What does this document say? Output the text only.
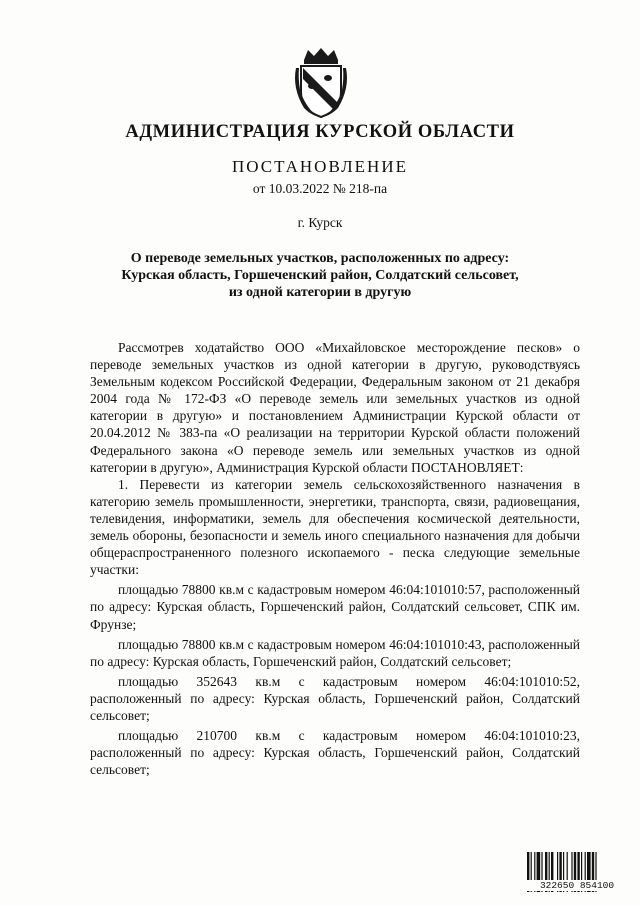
АДМИНИСТРАЦИЯ КУРСКОЙ ОБЛАСТИ
ПОСТАНОВЛЕНИЕ
от 10.03.2022 № 218-па
г. Курск
О переводе земельных участков, расположенных по адресу:
Курская область, Горшеченский район, Солдатский сельсовет,
из одной категории в другую

Рассмотрев ходатайство ООО «Михайловское месторождение песков» о переводе земельных участков из одной категории в другую, руководствуясь Земельным кодексом Российской Федерации, Федеральным законом от 21 декабря 2004 года № 172-ФЗ «О переводе земель или земельных участков из одной категории в другую» и постановлением Администрации Курской области от 20.04.2012 № 383-па «О реализации на территории Курской области положений Федерального закона «О переводе земель или земельных участков из одной категории в другую», Администрация Курской области ПОСТАНОВЛЯЕТ:

1. Перевести из категории земель сельскохозяйственного назначения в категорию земель промышленности, энергетики, транспорта, связи, радиовещания, телевидения, информатики, земель для обеспечения космической деятельности, земель обороны, безопасности и земель иного специального назначения для добычи общераспространенного полезного ископаемого - песка следующие земельные участки:

площадью 78800 кв.м с кадастровым номером 46:04:101010:57, расположенный по адресу: Курская область, Горшеченский район, Солдатский сельсовет, СПК им. Фрунзе;

площадью 78800 кв.м с кадастровым номером 46:04:101010:43, расположенный по адресу: Курская область, Горшеченский район, Солдатский сельсовет;

площадью 352643 кв.м с кадастровым номером 46:04:101010:52, расположенный по адресу: Курская область, Горшеченский район, Солдатский сельсовет;

площадью 210700 кв.м с кадастровым номером 46:04:101010:23, расположенный по адресу: Курская область, Горшеченский район, Солдатский сельсовет;

322650 854100
